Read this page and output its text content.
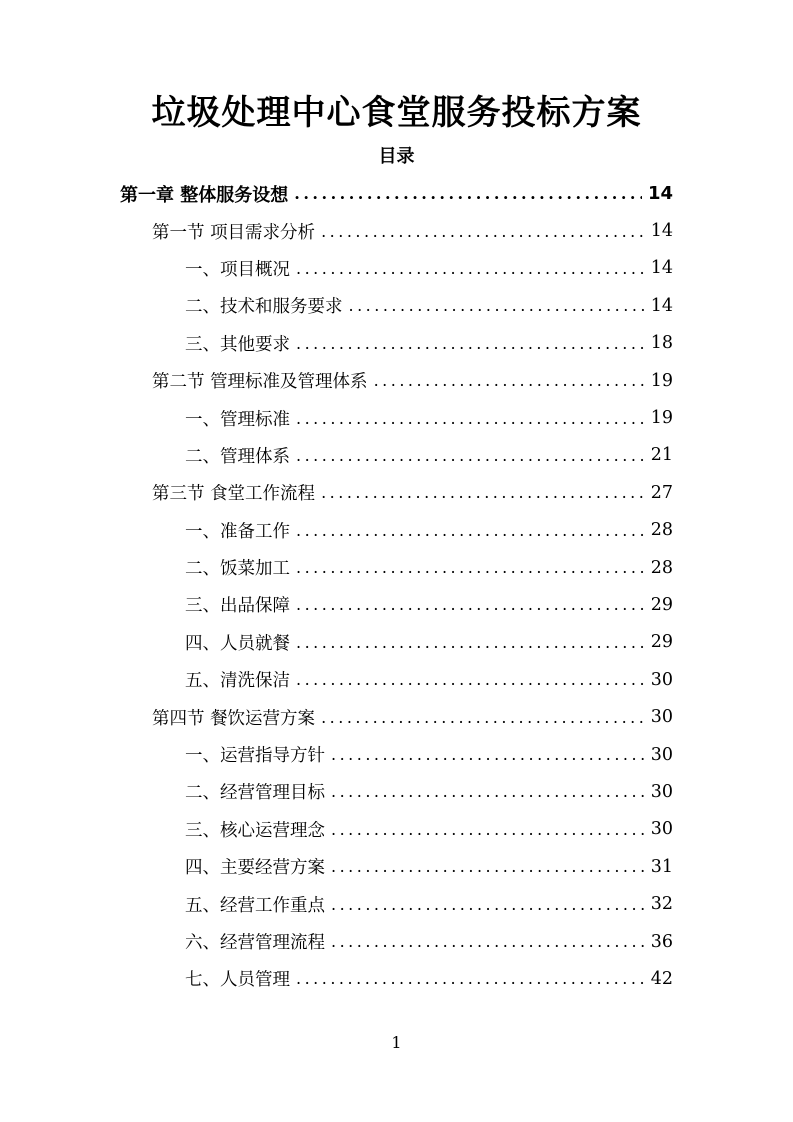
垃圾处理中心食堂服务投标方案
目录
第一章 整体服务设想 .....	14
第一节 项目需求分析 .....	14
一、项目概况 .....	14
二、技术和服务要求 .....	14
三、其他要求 .....	18
第二节 管理标准及管理体系 .....	19
一、管理标准 .....	19
二、管理体系 .....	21
第三节 食堂工作流程 .....	27
一、准备工作 .....	28
二、饭菜加工 .....	28
三、出品保障 .....	29
四、人员就餐 .....	29
五、清洗保洁 .....	30
第四节 餐饮运营方案 .....	30
一、运营指导方针 .....	30
二、经营管理目标 .....	30
三、核心运营理念 .....	30
四、主要经营方案 .....	31
五、经营工作重点 .....	32
六、经营管理流程 .....	36
七、人员管理 .....	42
1
